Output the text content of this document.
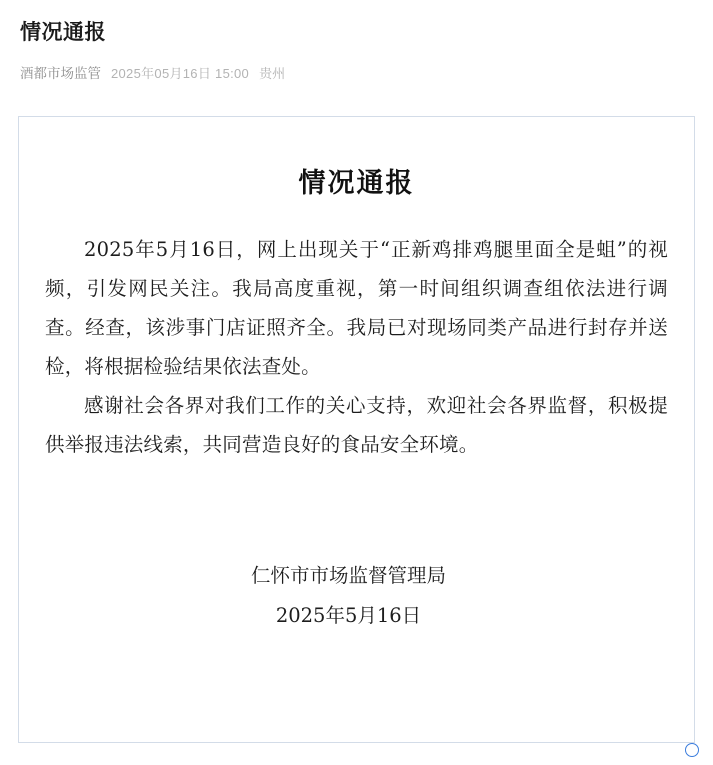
情况通报
酒都市场监管 2025年05月16日 15:00 贵州
情况通报

2025年5月16日，网上出现关于“正新鸡排鸡腿里面全是蛆”的视频，引发网民关注。我局高度重视，第一时间组织调查组依法进行调查。经查，该涉事门店证照齐全。我局已对现场同类产品进行封存并送检，将根据检验结果依法查处。

感谢社会各界对我们工作的关心支持，欢迎社会各界监督，积极提供举报违法线索，共同营造良好的食品安全环境。

仁怀市市场监督管理局
2025年5月16日
